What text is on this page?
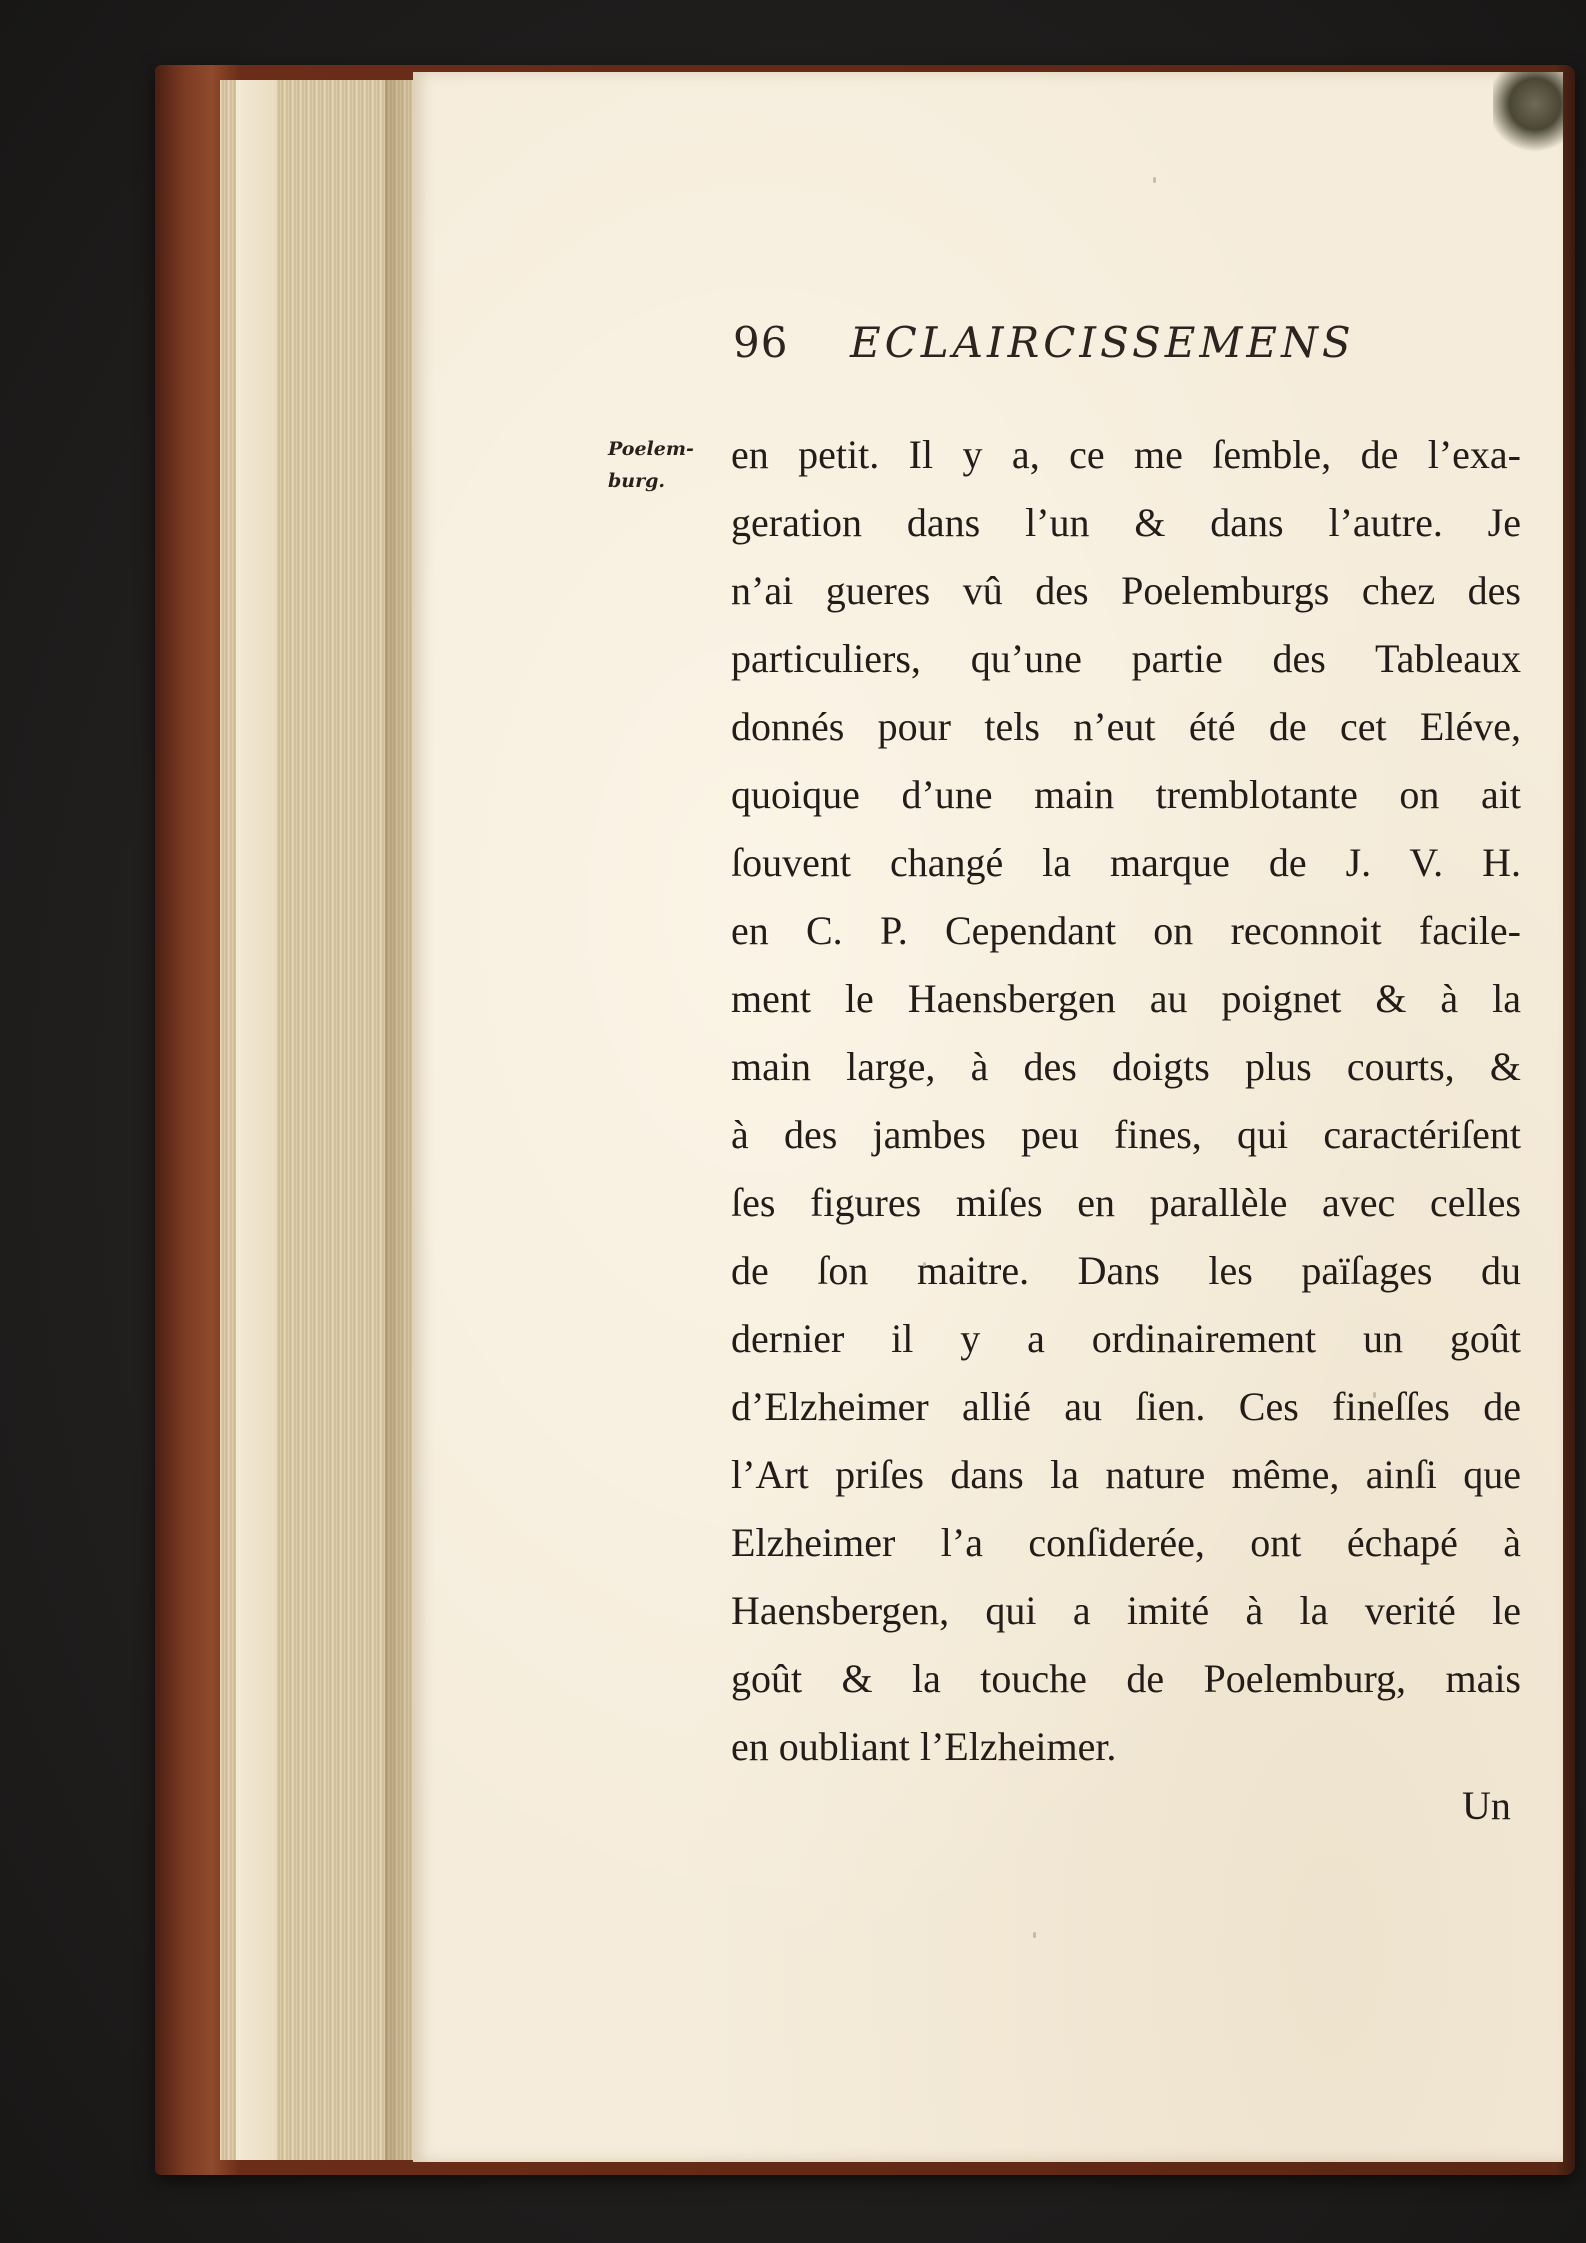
96 ECLAIRCISSEMENS
Poelem-
burg.
en petit. Il y a, ce me ſemble, de l’exa-
geration dans l’un & dans l’autre. Je
n’ai gueres vû des Poelemburgs chez des
particuliers, qu’une partie des Tableaux
donnés pour tels n’eut été de cet Eléve,
quoique d’une main tremblotante on ait
ſouvent changé la marque de J. V. H.
en C. P. Cependant on reconnoit facile-
ment le Haensbergen au poignet & à la
main large, à des doigts plus courts, &
à des jambes peu fines, qui caractériſent
ſes figures miſes en parallèle avec celles
de ſon maitre. Dans les païſages du
dernier il y a ordinairement un goût
d’Elzheimer allié au ſien. Ces fineſſes de
l’Art priſes dans la nature même, ainſi que
Elzheimer l’a conſiderée, ont échapé à
Haensbergen, qui a imité à la verité le
goût & la touche de Poelemburg, mais
en oubliant l’Elzheimer.
Un
